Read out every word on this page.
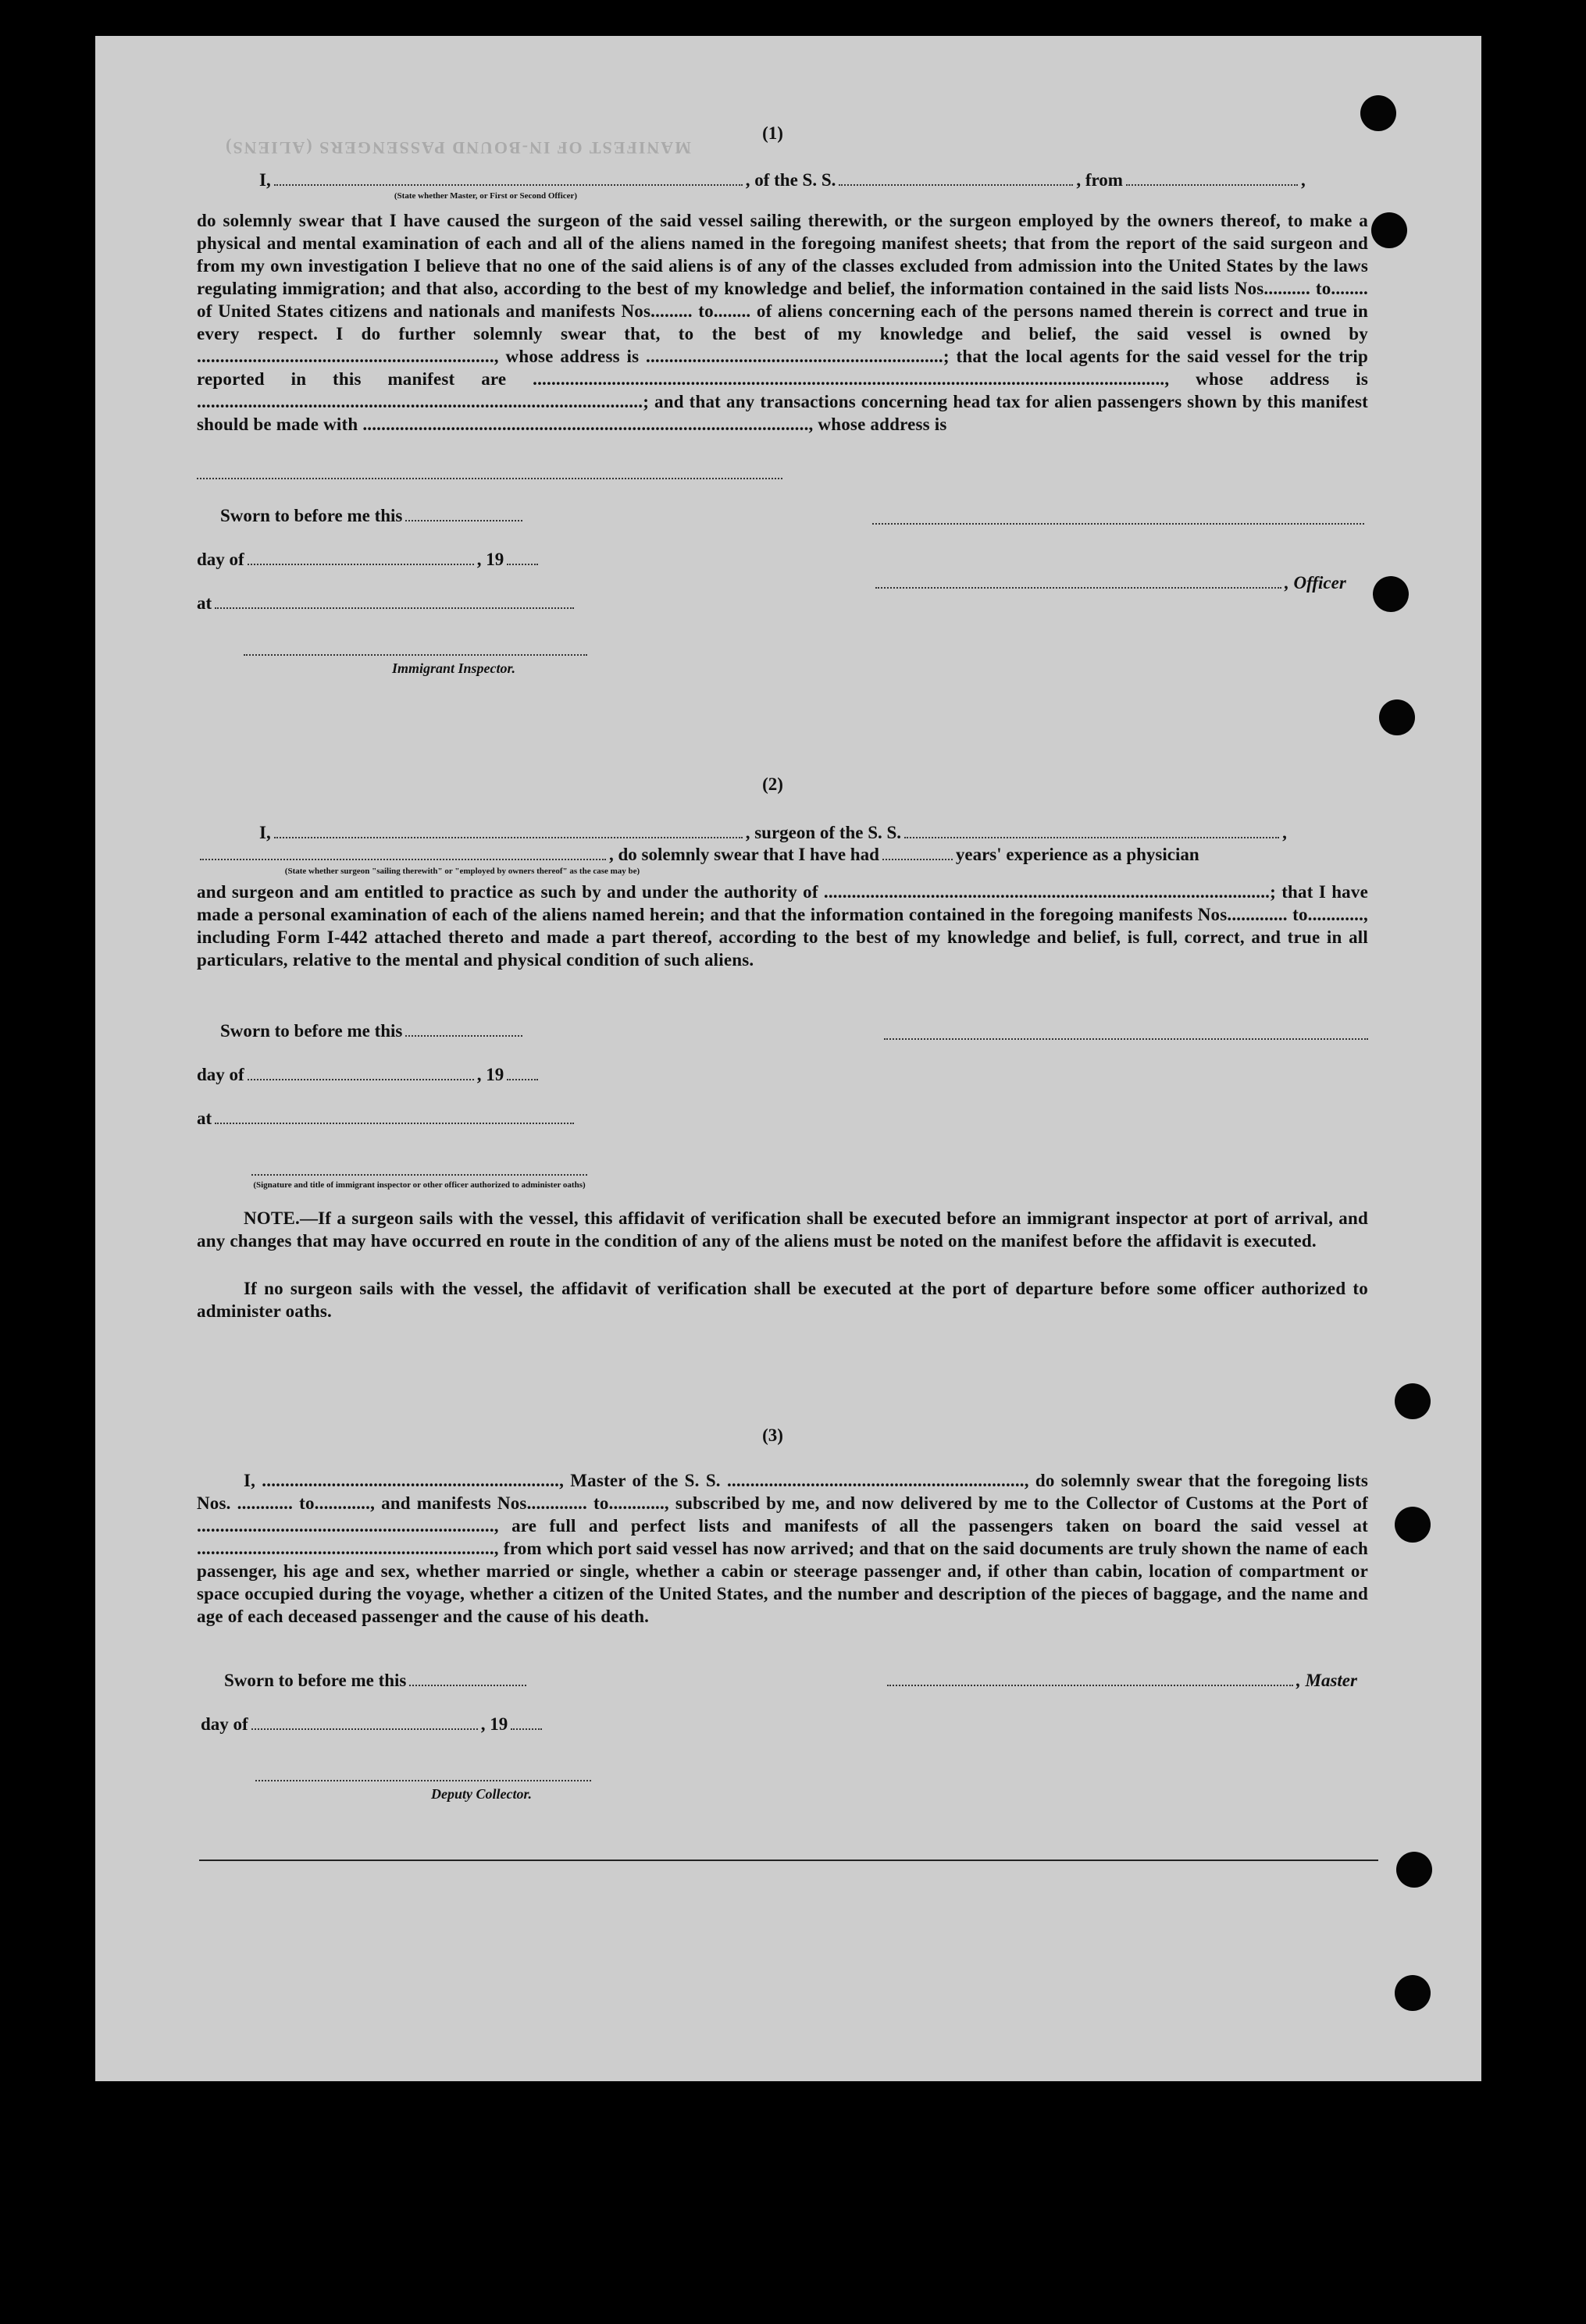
MANIFEST OF IN-BOUND PASSENGERS (ALIENS)
(1)
I,	, of the S. S.	, from	,
(State whether Master, or First or Second Officer)
do solemnly swear that I have caused the surgeon of the said vessel sailing therewith, or the surgeon employed by the owners thereof, to make a physical and mental examination of each and all of the aliens named in the foregoing manifest sheets; that from the report of the said surgeon and from my own investigation I believe that no one of the said aliens is of any of the classes excluded from admission into the United States by the laws regulating immigration; and that also, according to the best of my knowledge and belief, the information contained in the said lists Nos.......... to........ of United States citizens and nationals and manifests Nos......... to........ of aliens concerning each of the persons named therein is correct and true in every respect. I do further solemnly swear that, to the best of my knowledge and belief, the said vessel is owned by ................................................................, whose address is ................................................................; that the local agents for the said vessel for the trip reported in this manifest are ........................................................................................................................................, whose address is ................................................................................................; and that any transactions concerning head tax for alien passengers shown by this manifest should be made with ................................................................................................, whose address is
Sworn to before me this
day of	, 19
, Officer
at
Immigrant Inspector.
(2)
I,	, surgeon of the S. S.	,
, do solemnly swear that I have had	years' experience as a physician
(State whether surgeon "sailing therewith" or "employed by owners thereof" as the case may be)
and surgeon and am entitled to practice as such by and under the authority of ................................................................................................; that I have made a personal examination of each of the aliens named herein; and that the information contained in the foregoing manifests Nos............. to............, including Form I-442 attached thereto and made a part thereof, according to the best of my knowledge and belief, is full, correct, and true in all particulars, relative to the mental and physical condition of such aliens.
Sworn to before me this
day of	, 19
at
(Signature and title of immigrant inspector or other officer authorized to administer oaths)
NOTE.—If a surgeon sails with the vessel, this affidavit of verification shall be executed before an immigrant inspector at port of arrival, and any changes that may have occurred en route in the condition of any of the aliens must be noted on the manifest before the affidavit is executed.
If no surgeon sails with the vessel, the affidavit of verification shall be executed at the port of departure before some officer authorized to administer oaths.
(3)
I, ................................................................, Master of the S. S. ................................................................, do solemnly swear that the foregoing lists Nos. ............ to............, and manifests Nos............. to............, subscribed by me, and now delivered by me to the Collector of Customs at the Port of ................................................................, are full and perfect lists and manifests of all the passengers taken on board the said vessel at ................................................................, from which port said vessel has now arrived; and that on the said documents are truly shown the name of each passenger, his age and sex, whether married or single, whether a cabin or steerage passenger and, if other than cabin, location of compartment or space occupied during the voyage, whether a citizen of the United States, and the number and description of the pieces of baggage, and the name and age of each deceased passenger and the cause of his death.
Sworn to before me this	, Master
day of	, 19
Deputy Collector.
